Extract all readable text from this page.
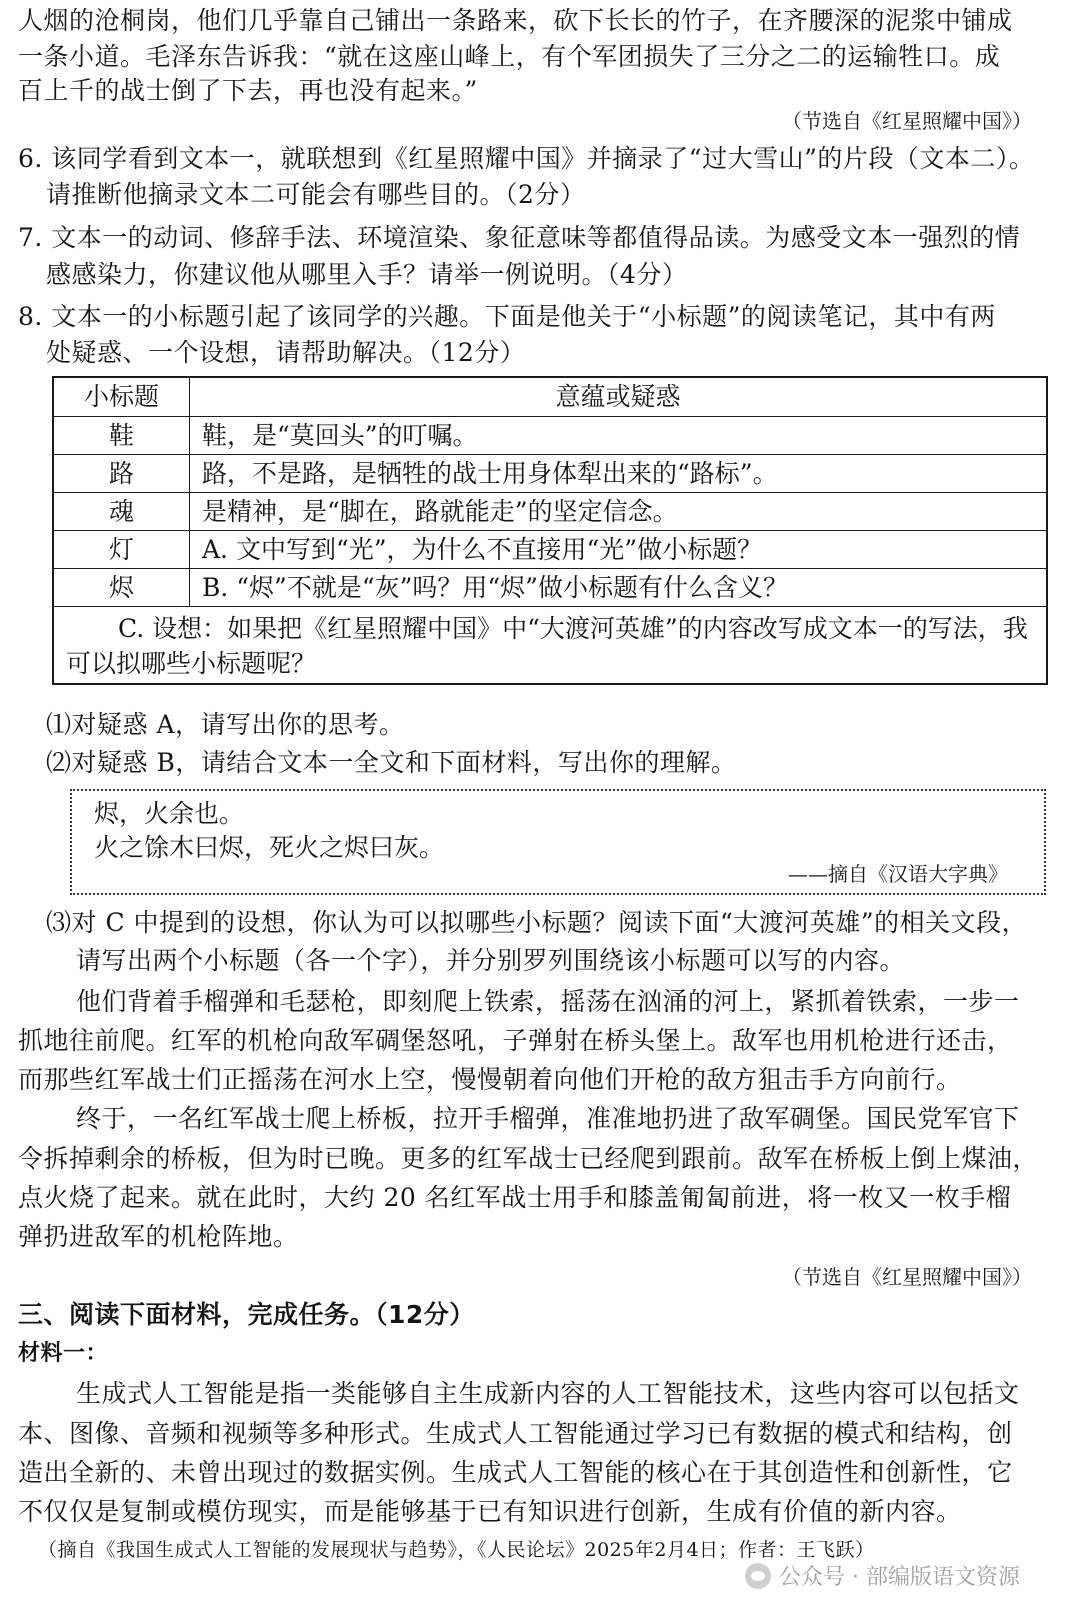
人烟的沧桐岗，他们几乎靠自己铺出一条路来，砍下长长的竹子，在齐腰深的泥浆中铺成
一条小道。毛泽东告诉我：“就在这座山峰上，有个军团损失了三分之二的运输牲口。成
百上千的战士倒了下去，再也没有起来。”
（节选自《红星照耀中国》）
6. 该同学看到文本一，就联想到《红星照耀中国》并摘录了“过大雪山”的片段（文本二）。
请推断他摘录文本二可能会有哪些目的。（2分）
7. 文本一的动词、修辞手法、环境渲染、象征意味等都值得品读。为感受文本一强烈的情
感感染力，你建议他从哪里入手？请举一例说明。（4分）
8. 文本一的小标题引起了该同学的兴趣。下面是他关于“小标题”的阅读笔记，其中有两
处疑惑、一个设想，请帮助解决。（12分）
小标题	意蕴或疑惑
鞋	鞋，是“莫回头”的叮嘱。
路	路，不是路，是牺牲的战士用身体犁出来的“路标”。
魂	是精神，是“脚在，路就能走”的坚定信念。
灯	A. 文中写到“光”，为什么不直接用“光”做小标题？
烬	B. “烬”不就是“灰”吗？用“烬”做小标题有什么含义？
C. 设想：如果把《红星照耀中国》中“大渡河英雄”的内容改写成文本一的写法，我可以拟哪些小标题呢？
⑴对疑惑 A，请写出你的思考。
⑵对疑惑 B，请结合文本一全文和下面材料，写出你的理解。
烬，火余也。
火之馀木曰烬，死火之烬曰灰。
——摘自《汉语大字典》
⑶对 C 中提到的设想，你认为可以拟哪些小标题？阅读下面“大渡河英雄”的相关文段，
请写出两个小标题（各一个字），并分别罗列围绕该小标题可以写的内容。
他们背着手榴弹和毛瑟枪，即刻爬上铁索，摇荡在汹涌的河上，紧抓着铁索，一步一
抓地往前爬。红军的机枪向敌军碉堡怒吼，子弹射在桥头堡上。敌军也用机枪进行还击，
而那些红军战士们正摇荡在河水上空，慢慢朝着向他们开枪的敌方狙击手方向前行。
终于，一名红军战士爬上桥板，拉开手榴弹，准准地扔进了敌军碉堡。国民党军官下
令拆掉剩余的桥板，但为时已晚。更多的红军战士已经爬到跟前。敌军在桥板上倒上煤油，
点火烧了起来。就在此时，大约 20 名红军战士用手和膝盖匍匐前进，将一枚又一枚手榴
弹扔进敌军的机枪阵地。
（节选自《红星照耀中国》）
三、阅读下面材料，完成任务。（12分）
材料一：
生成式人工智能是指一类能够自主生成新内容的人工智能技术，这些内容可以包括文
本、图像、音频和视频等多种形式。生成式人工智能通过学习已有数据的模式和结构，创
造出全新的、未曾出现过的数据实例。生成式人工智能的核心在于其创造性和创新性，它
不仅仅是复制或模仿现实，而是能够基于已有知识进行创新，生成有价值的新内容。
（摘自《我国生成式人工智能的发展现状与趋势》，《人民论坛》2025年2月4日；作者：王飞跃）
公众号 · 部编版语文资源
